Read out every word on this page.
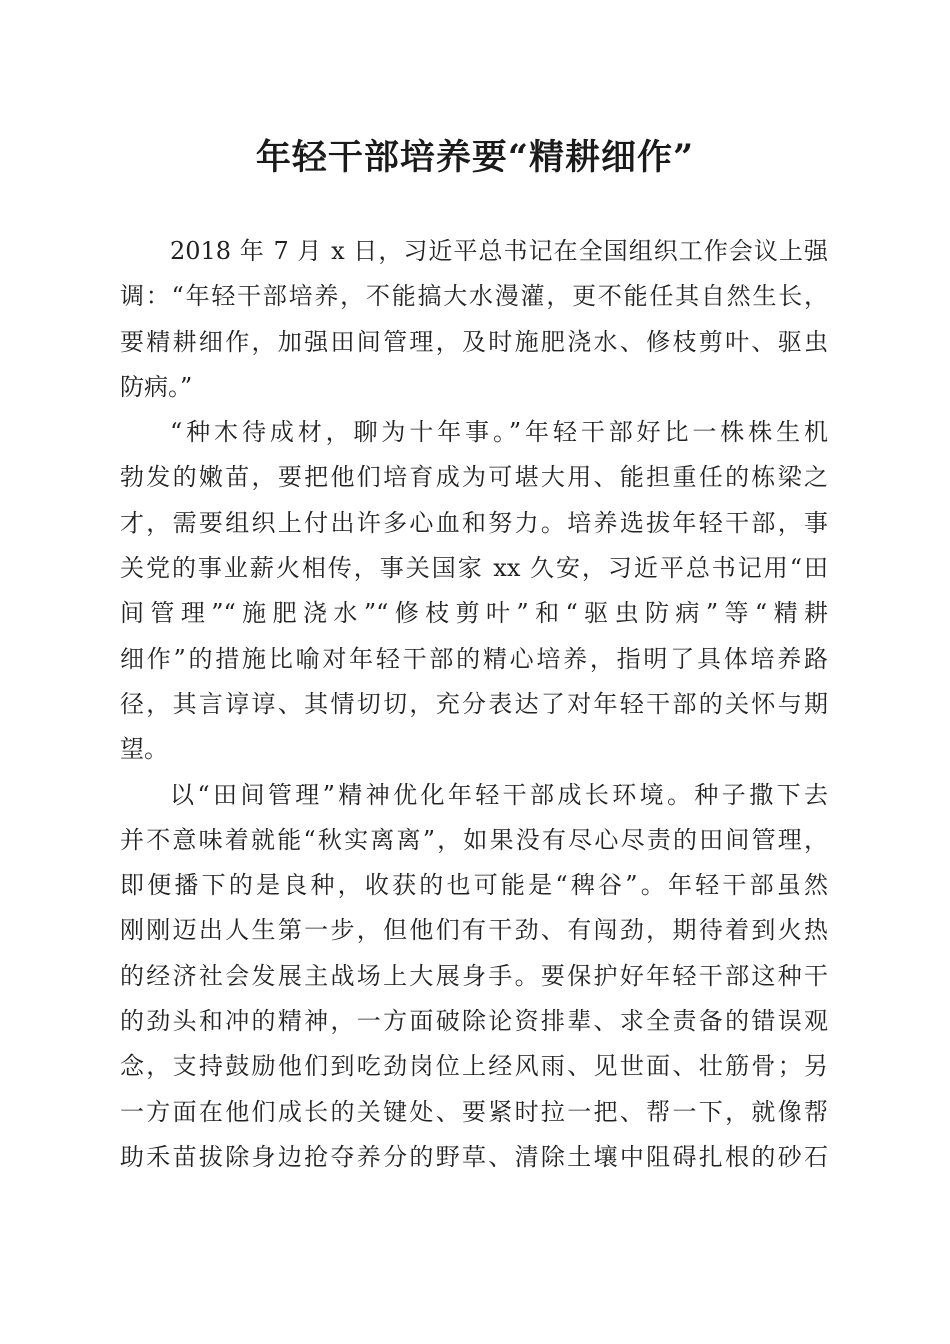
年轻干部培养要“精耕细作”
2018 年 7 月 x 日，习近平总书记在全国组织工作会议上强
调：“年轻干部培养，不能搞大水漫灌，更不能任其自然生长，
要精耕细作，加强田间管理，及时施肥浇水、修枝剪叶、驱虫
防病。”
“种木待成材，聊为十年事。”年轻干部好比一株株生机
勃发的嫩苗，要把他们培育成为可堪大用、能担重任的栋梁之
才，需要组织上付出许多心血和努力。培养选拔年轻干部，事
关党的事业薪火相传，事关国家 xx 久安，习近平总书记用“田
间管理”“施肥浇水”“修枝剪叶”和“驱虫防病”等“精耕
细作”的措施比喻对年轻干部的精心培养，指明了具体培养路
径，其言谆谆、其情切切，充分表达了对年轻干部的关怀与期
望。
以“田间管理”精神优化年轻干部成长环境。种子撒下去
并不意味着就能“秋实离离”，如果没有尽心尽责的田间管理，
即便播下的是良种，收获的也可能是“稗谷”。年轻干部虽然
刚刚迈出人生第一步，但他们有干劲、有闯劲，期待着到火热
的经济社会发展主战场上大展身手。要保护好年轻干部这种干
的劲头和冲的精神，一方面破除论资排辈、求全责备的错误观
念，支持鼓励他们到吃劲岗位上经风雨、见世面、壮筋骨；另
一方面在他们成长的关键处、要紧时拉一把、帮一下，就像帮
助禾苗拔除身边抢夺养分的野草、清除土壤中阻碍扎根的砂石
